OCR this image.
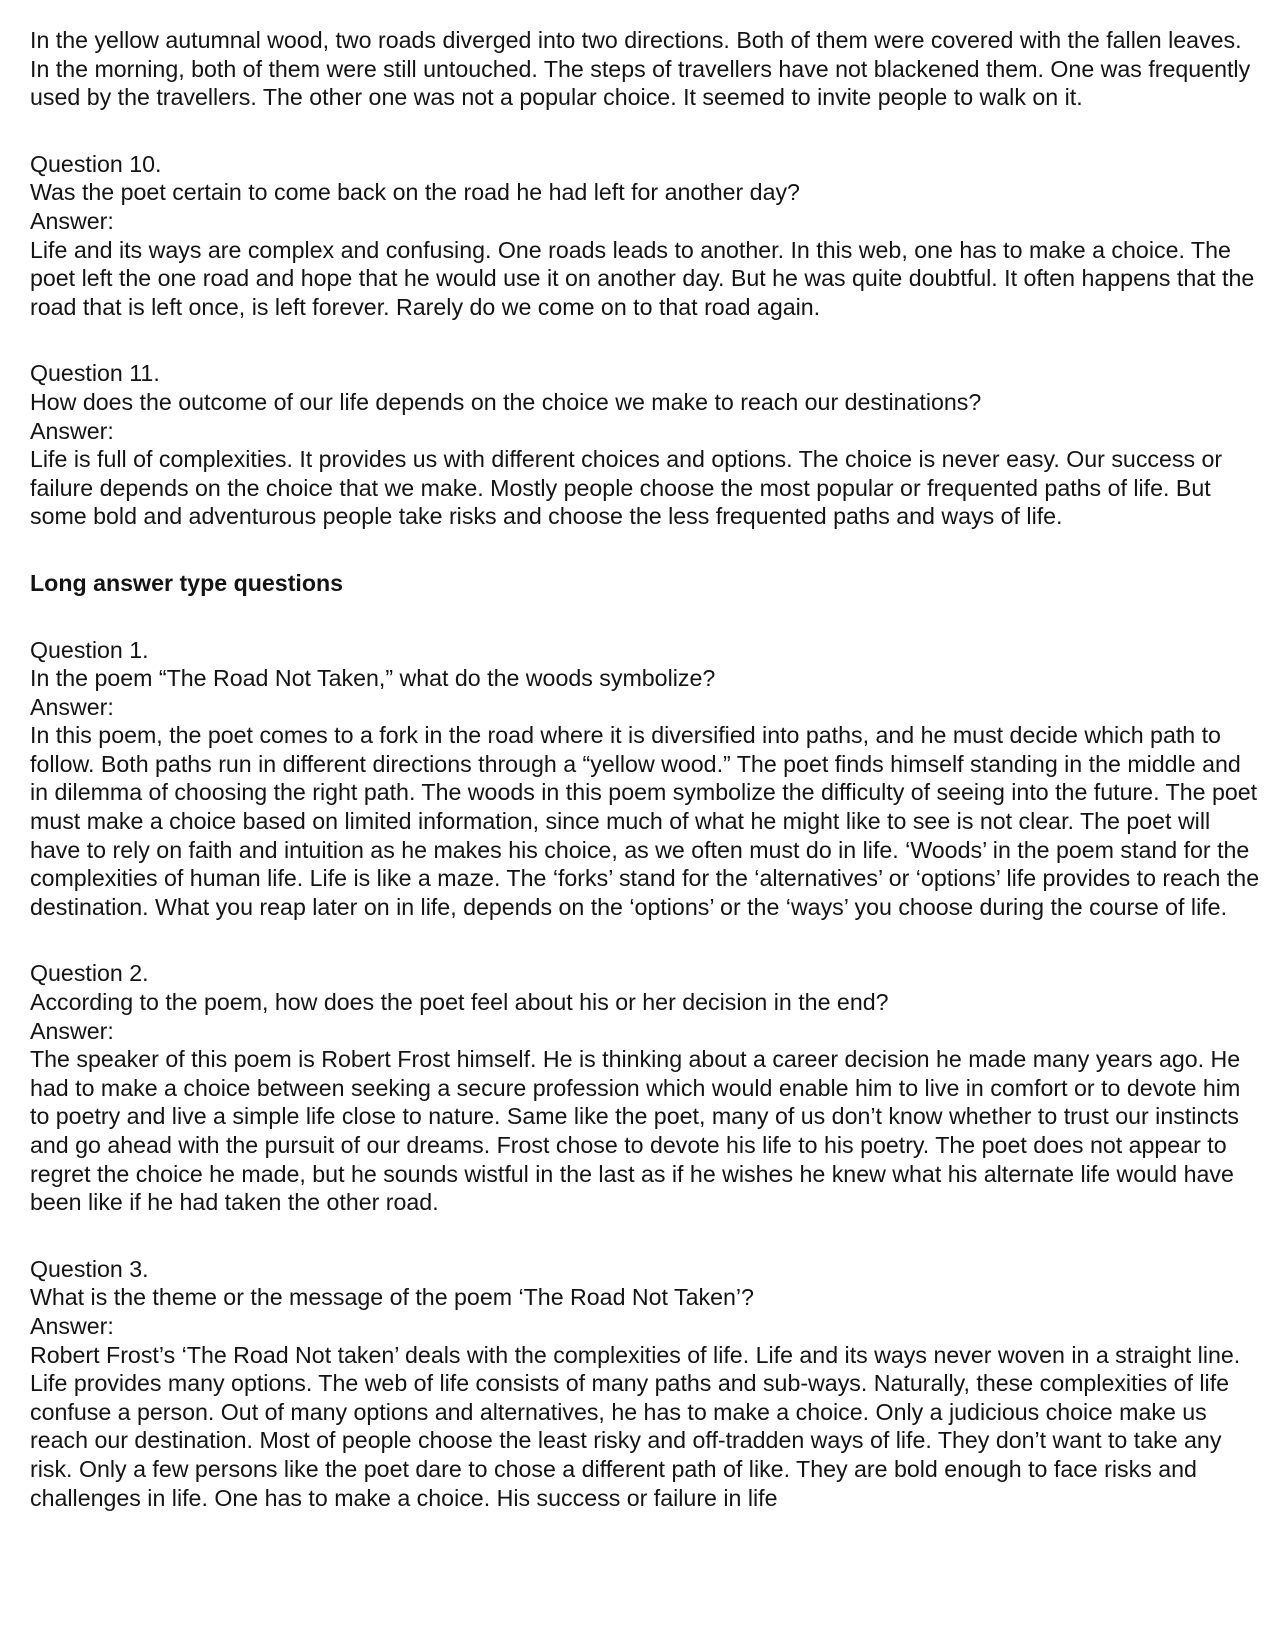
In the yellow autumnal wood, two roads diverged into two directions. Both of them were covered with the fallen leaves. In the morning, both of them were still untouched. The steps of travellers have not blackened them. One was frequently used by the travellers. The other one was not a popular choice. It seemed to invite people to walk on it.

Question 10.
Was the poet certain to come back on the road he had left for another day?
Answer:

Life and its ways are complex and confusing. One roads leads to another. In this web, one has to make a choice. The poet left the one road and hope that he would use it on another day. But he was quite doubtful. It often happens that the road that is left once, is left forever. Rarely do we come on to that road again.

Question 11.
How does the outcome of our life depends on the choice we make to reach our destinations?
Answer:

Life is full of complexities. It provides us with different choices and options. The choice is never easy. Our success or failure depends on the choice that we make. Mostly people choose the most popular or frequented paths of life. But some bold and adventurous people take risks and choose the less frequented paths and ways of life.

Long answer type questions

Question 1.
In the poem “The Road Not Taken,” what do the woods symbolize?
Answer:

In this poem, the poet comes to a fork in the road where it is diversified into paths, and he must decide which path to follow. Both paths run in different directions through a “yellow wood.” The poet finds himself standing in the middle and in dilemma of choosing the right path. The woods in this poem symbolize the difficulty of seeing into the future. The poet must make a choice based on limited information, since much of what he might like to see is not clear. The poet will have to rely on faith and intuition as he makes his choice, as we often must do in life. ‘Woods’ in the poem stand for the complexities of human life. Life is like a maze. The ‘forks’ stand for the ‘alternatives’ or ‘options’ life provides to reach the destination. What you reap later on in life, depends on the ‘options’ or the ‘ways’ you choose during the course of life.

Question 2.
According to the poem, how does the poet feel about his or her decision in the end?
Answer:

The speaker of this poem is Robert Frost himself. He is thinking about a career decision he made many years ago. He had to make a choice between seeking a secure profession which would enable him to live in comfort or to devote him to poetry and live a simple life close to nature. Same like the poet, many of us don’t know whether to trust our instincts and go ahead with the pursuit of our dreams. Frost chose to devote his life to his poetry. The poet does not appear to regret the choice he made, but he sounds wistful in the last as if he wishes he knew what his alternate life would have been like if he had taken the other road.

Question 3.
What is the theme or the message of the poem ‘The Road Not Taken’?
Answer:

Robert Frost’s ‘The Road Not taken’ deals with the complexities of life. Life and its ways never woven in a straight line. Life provides many options. The web of life consists of many paths and sub-ways. Naturally, these complexities of life confuse a person. Out of many options and alternatives, he has to make a choice. Only a judicious choice make us reach our destination. Most of people choose the least risky and off-tradden ways of life. They don’t want to take any risk. Only a few persons like the poet dare to chose a different path of like. They are bold enough to face risks and challenges in life. One has to make a choice. His success or failure in life
